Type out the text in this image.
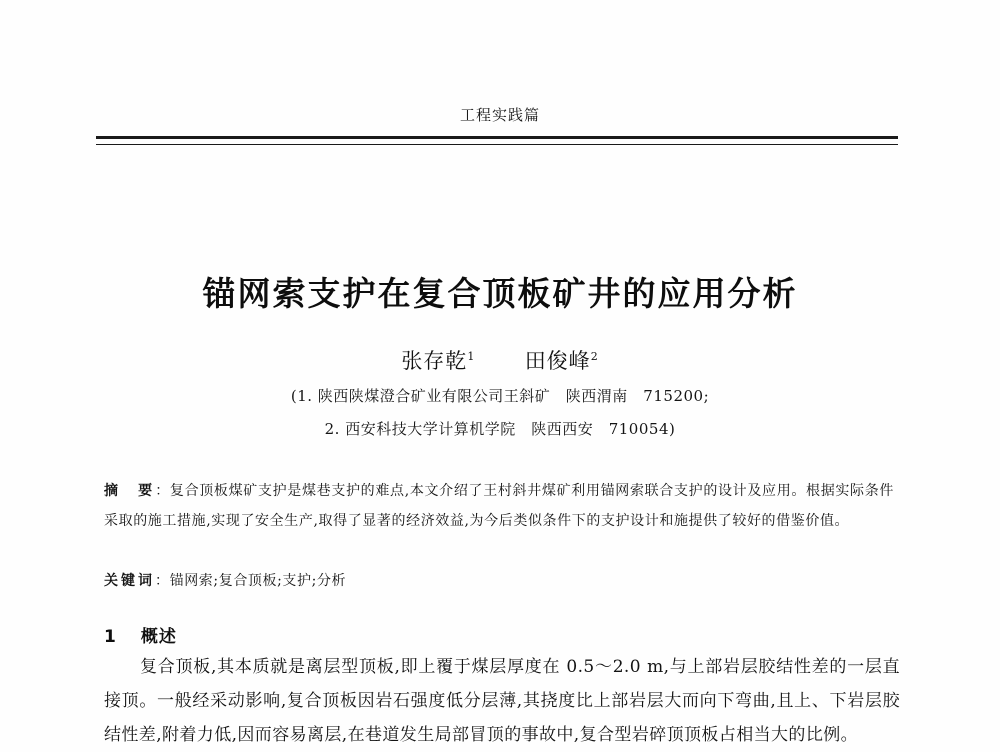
工程实践篇
锚网索支护在复合顶板矿井的应用分析
张存乾$^1$ 田俊峰$^2$
(1. 陕西陕煤澄合矿业有限公司王斜矿　陕西渭南　715200;
2. 西安科技大学计算机学院　陕西西安　710054)
摘　要：复合顶板煤矿支护是煤巷支护的难点,本文介绍了王村斜井煤矿利用锚网索联合支护的设计及应用。根据实际条件采取的施工措施,实现了安全生产,取得了显著的经济效益,为今后类似条件下的支护设计和施提供了较好的借鉴价值。
关键词：锚网索;复合顶板;支护;分析
1 概述
复合顶板,其本质就是离层型顶板,即上覆于煤层厚度在 0.5～2.0 m,与上部岩层胶结性差的一层直接顶。一般经采动影响,复合顶板因岩石强度低分层薄,其挠度比上部岩层大而向下弯曲,且上、下岩层胶结性差,附着力低,因而容易离层,在巷道发生局部冒顶的事故中,复合型岩碎顶顶板占相当大的比例。
